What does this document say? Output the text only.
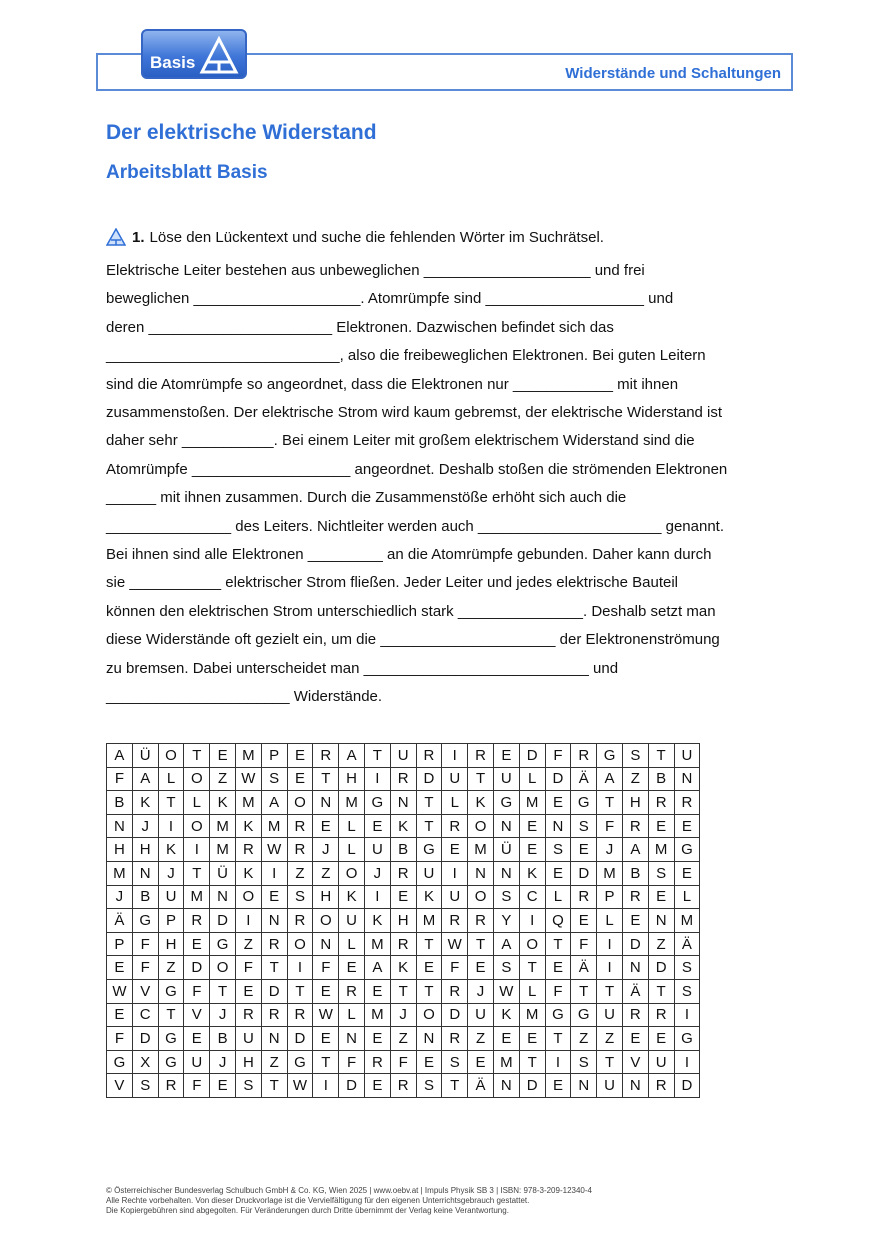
Widerstände und Schaltungen
Basis
Der elektrische Widerstand
Arbeitsblatt Basis
1. Löse den Lückentext und suche die fehlenden Wörter im Suchrätsel.

Elektrische Leiter bestehen aus unbeweglichen ____________________ und frei

beweglichen ____________________. Atomrümpfe sind ___________________ und

deren ______________________ Elektronen. Dazwischen befindet sich das

____________________________, also die freibeweglichen Elektronen. Bei guten Leitern

sind die Atomrümpfe so angeordnet, dass die Elektronen nur ____________ mit ihnen

zusammenstoßen. Der elektrische Strom wird kaum gebremst, der elektrische Widerstand ist

daher sehr ___________. Bei einem Leiter mit großem elektrischem Widerstand sind die

Atomrümpfe ___________________ angeordnet. Deshalb stoßen die strömenden Elektronen

______ mit ihnen zusammen. Durch die Zusammenstöße erhöht sich auch die

_______________ des Leiters. Nichtleiter werden auch ______________________ genannt.

Bei ihnen sind alle Elektronen _________ an die Atomrümpfe gebunden. Daher kann durch

sie ___________ elektrischer Strom fließen. Jeder Leiter und jedes elektrische Bauteil

können den elektrischen Strom unterschiedlich stark _______________. Deshalb setzt man

diese Widerstände oft gezielt ein, um die _____________________ der Elektronenströmung

zu bremsen. Dabei unterscheidet man ___________________________ und

______________________ Widerstände.

A	Ü	O	T	E	M	P	E	R	A	T	U	R	I	R	E	D	F	R	G	S	T	U
F	A	L	O	Z	W	S	E	T	H	I	R	D	U	T	U	L	D	Ä	A	Z	B	N
B	K	T	L	K	M	A	O	N	M	G	N	T	L	K	G	M	E	G	T	H	R	R
N	J	I	O	M	K	M	R	E	L	E	K	T	R	O	N	E	N	S	F	R	E	E
H	H	K	I	M	R	W	R	J	L	U	B	G	E	M	Ü	E	S	E	J	A	M	G
M	N	J	T	Ü	K	I	Z	Z	O	J	R	U	I	N	N	K	E	D	M	B	S	E
J	B	U	M	N	O	E	S	H	K	I	E	K	U	O	S	C	L	R	P	R	E	L
Ä	G	P	R	D	I	N	R	O	U	K	H	M	R	R	Y	I	Q	E	L	E	N	M
P	F	H	E	G	Z	R	O	N	L	M	R	T	W	T	A	O	T	F	I	D	Z	Ä
E	F	Z	D	O	F	T	I	F	E	A	K	E	F	E	S	T	E	Ä	I	N	D	S
W	V	G	F	T	E	D	T	E	R	E	T	T	R	J	W	L	F	T	T	Ä	T	S
E	C	T	V	J	R	R	R	W	L	M	J	O	D	U	K	M	G	G	U	R	R	I
F	D	G	E	B	U	N	D	E	N	E	Z	N	R	Z	E	E	T	Z	Z	E	E	G
G	X	G	U	J	H	Z	G	T	F	R	F	E	S	E	M	T	I	S	T	V	U	I
V	S	R	F	E	S	T	W	I	D	E	R	S	T	Ä	N	D	E	N	U	N	R	D

© Österreichischer Bundesverlag Schulbuch GmbH & Co. KG, Wien 2025 | www.oebv.at | Impuls Physik SB 3 | ISBN: 978-3-209-12340-4

Alle Rechte vorbehalten. Von dieser Druckvorlage ist die Vervielfältigung für den eigenen Unterrichtsgebrauch gestattet.

Die Kopiergebühren sind abgegolten. Für Veränderungen durch Dritte übernimmt der Verlag keine Verantwortung.
